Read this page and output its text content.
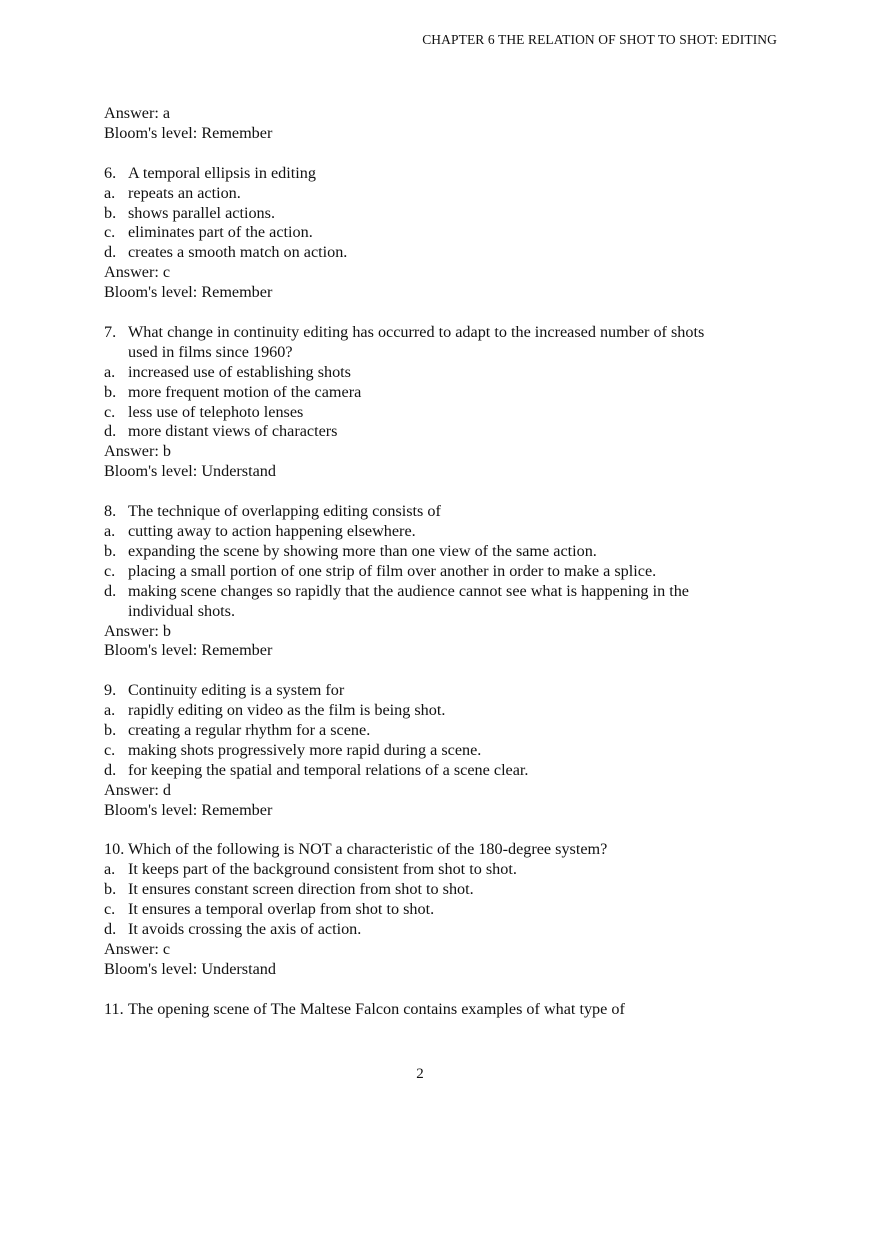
CHAPTER 6 THE RELATION OF SHOT TO SHOT: EDITING
Answer: a
Bloom's level: Remember
6. A temporal ellipsis in editing
a. repeats an action.
b. shows parallel actions.
c. eliminates part of the action.
d. creates a smooth match on action.
Answer: c
Bloom's level: Remember
7. What change in continuity editing has occurred to adapt to the increased number of shots used in films since 1960?
a. increased use of establishing shots
b. more frequent motion of the camera
c. less use of telephoto lenses
d. more distant views of characters
Answer: b
Bloom's level: Understand
8. The technique of overlapping editing consists of
a. cutting away to action happening elsewhere.
b. expanding the scene by showing more than one view of the same action.
c. placing a small portion of one strip of film over another in order to make a splice.
d. making scene changes so rapidly that the audience cannot see what is happening in the individual shots.
Answer: b
Bloom's level: Remember
9. Continuity editing is a system for
a. rapidly editing on video as the film is being shot.
b. creating a regular rhythm for a scene.
c. making shots progressively more rapid during a scene.
d. for keeping the spatial and temporal relations of a scene clear.
Answer: d
Bloom's level: Remember
10. Which of the following is NOT a characteristic of the 180-degree system?
a. It keeps part of the background consistent from shot to shot.
b. It ensures constant screen direction from shot to shot.
c. It ensures a temporal overlap from shot to shot.
d. It avoids crossing the axis of action.
Answer: c
Bloom's level: Understand
11. The opening scene of The Maltese Falcon contains examples of what type of
2
